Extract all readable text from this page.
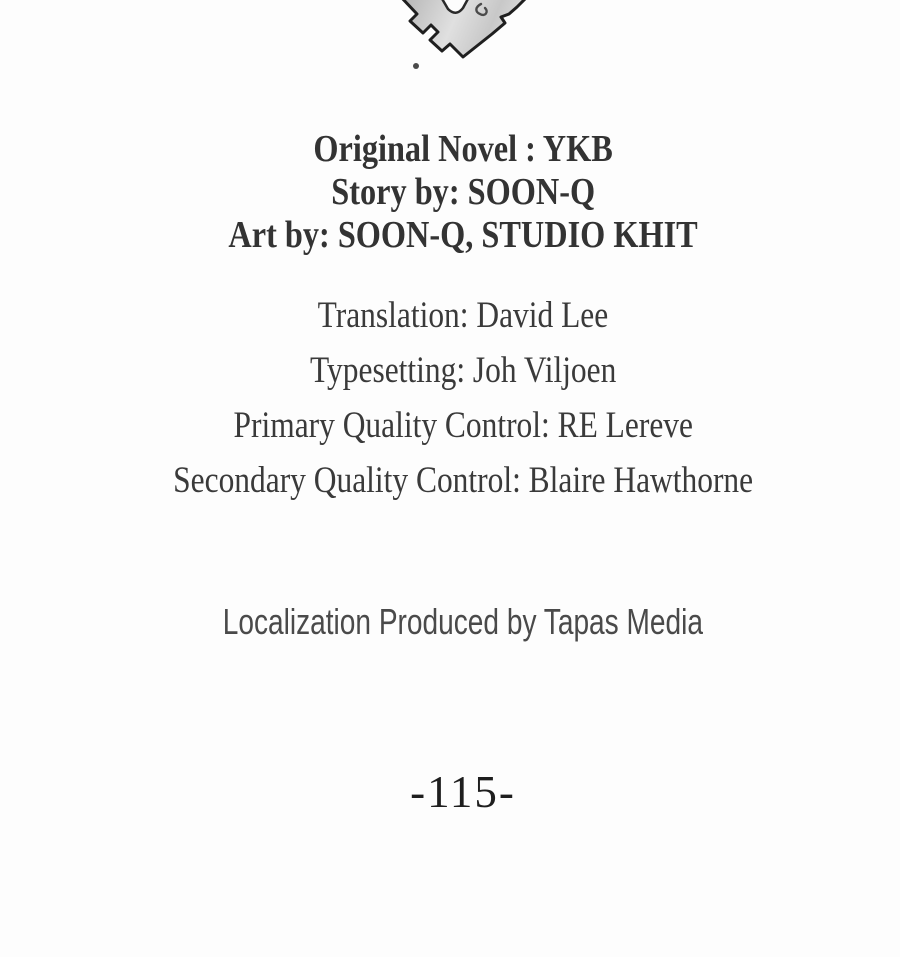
Original Novel : YKB
Story by: SOON-Q
Art by: SOON-Q, STUDIO KHIT
Translation: David Lee
Typesetting: Joh Viljoen
Primary Quality Control: RE Lereve
Secondary Quality Control: Blaire Hawthorne
Localization Produced by Tapas Media
-115-
